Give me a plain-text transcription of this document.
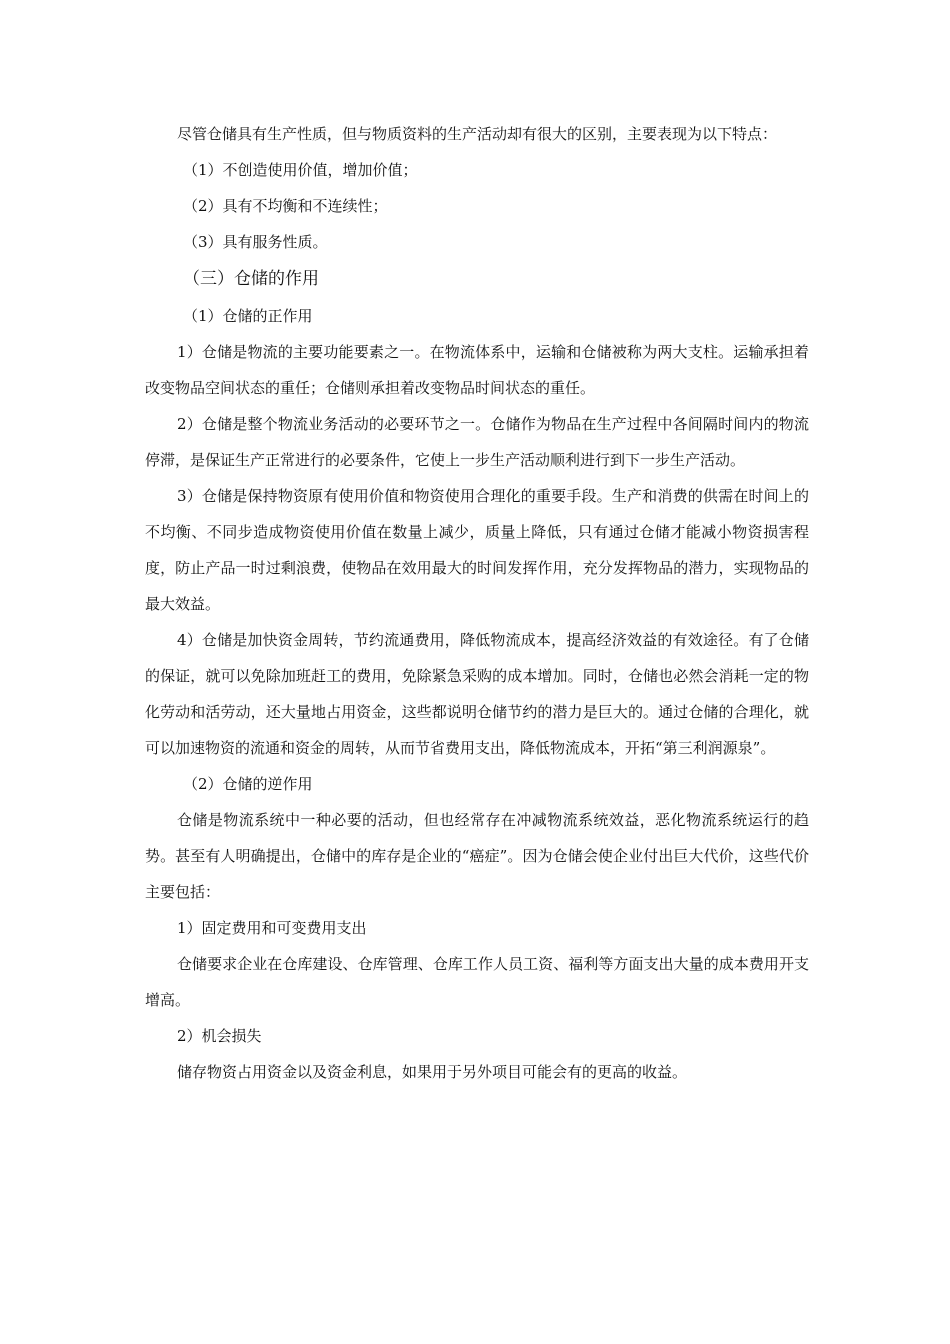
尽管仓储具有生产性质，但与物质资料的生产活动却有很大的区别，主要表现为以下特点：

（1）不创造使用价值，增加价值；

（2）具有不均衡和不连续性；

（3）具有服务性质。

（三）仓储的作用

（1）仓储的正作用

1）仓储是物流的主要功能要素之一。在物流体系中，运输和仓储被称为两大支柱。运输承担着改变物品空间状态的重任；仓储则承担着改变物品时间状态的重任。

2）仓储是整个物流业务活动的必要环节之一。仓储作为物品在生产过程中各间隔时间内的物流停滞，是保证生产正常进行的必要条件，它使上一步生产活动顺利进行到下一步生产活动。

3）仓储是保持物资原有使用价值和物资使用合理化的重要手段。生产和消费的供需在时间上的不均衡、不同步造成物资使用价值在数量上减少，质量上降低，只有通过仓储才能减小物资损害程度，防止产品一时过剩浪费，使物品在效用最大的时间发挥作用，充分发挥物品的潜力，实现物品的最大效益。

4）仓储是加快资金周转，节约流通费用，降低物流成本，提高经济效益的有效途径。有了仓储的保证，就可以免除加班赶工的费用，免除紧急采购的成本增加。同时，仓储也必然会消耗一定的物化劳动和活劳动，还大量地占用资金，这些都说明仓储节约的潜力是巨大的。通过仓储的合理化，就可以加速物资的流通和资金的周转，从而节省费用支出，降低物流成本，开拓“第三利润源泉”。

（2）仓储的逆作用

仓储是物流系统中一种必要的活动，但也经常存在冲减物流系统效益，恶化物流系统运行的趋势。甚至有人明确提出，仓储中的库存是企业的“癌症”。因为仓储会使企业付出巨大代价，这些代价主要包括：

1）固定费用和可变费用支出

仓储要求企业在仓库建设、仓库管理、仓库工作人员工资、福利等方面支出大量的成本费用开支增高。

2）机会损失

储存物资占用资金以及资金利息，如果用于另外项目可能会有的更高的收益。
